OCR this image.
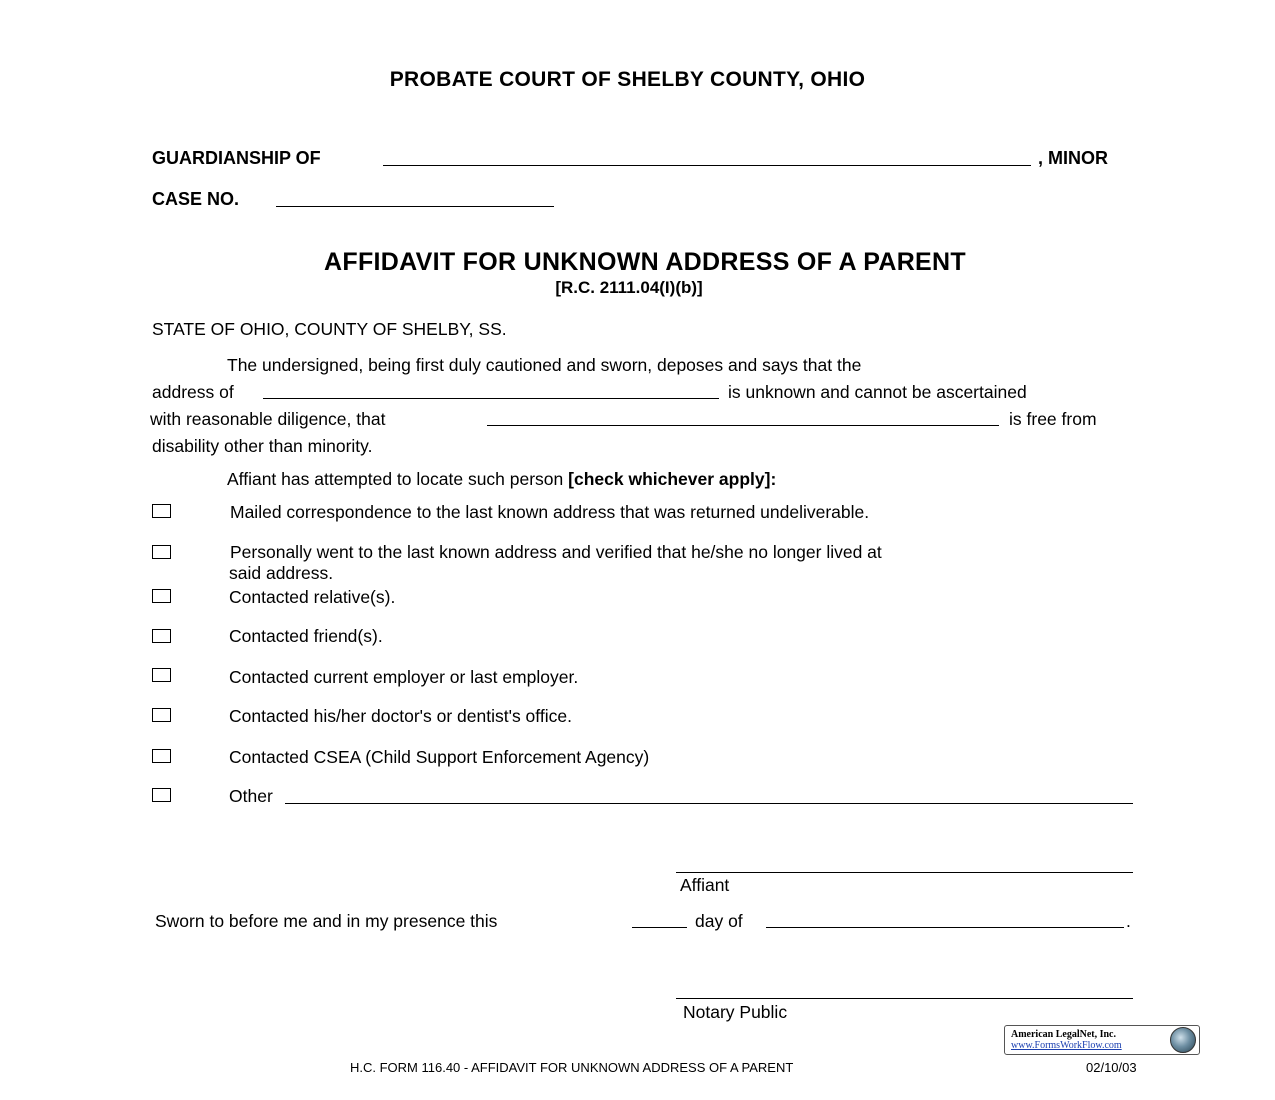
PROBATE COURT OF SHELBY COUNTY, OHIO
GUARDIANSHIP OF	, MINOR
CASE NO.
AFFIDAVIT FOR UNKNOWN ADDRESS OF A PARENT
[R.C. 2111.04(I)(b)]
STATE OF OHIO, COUNTY OF SHELBY, SS.
The undersigned, being first duly cautioned and sworn, deposes and says that the
address of	is unknown and cannot be ascertained
with reasonable diligence, that	is free from
disability other than minority.
Affiant has attempted to locate such person [check whichever apply]:
Mailed correspondence to the last known address that was returned undeliverable.
Personally went to the last known address and verified that he/she no longer lived at
said address.
Contacted relative(s).
Contacted friend(s).
Contacted current employer or last employer.
Contacted his/her doctor's or dentist's office.
Contacted CSEA (Child Support Enforcement Agency)
Other
Affiant
Sworn to before me and in my presence this	day of	.
Notary Public
American LegalNet, Inc.
www.FormsWorkFlow.com
H.C. FORM 116.40 - AFFIDAVIT FOR UNKNOWN ADDRESS OF A PARENT	02/10/03
